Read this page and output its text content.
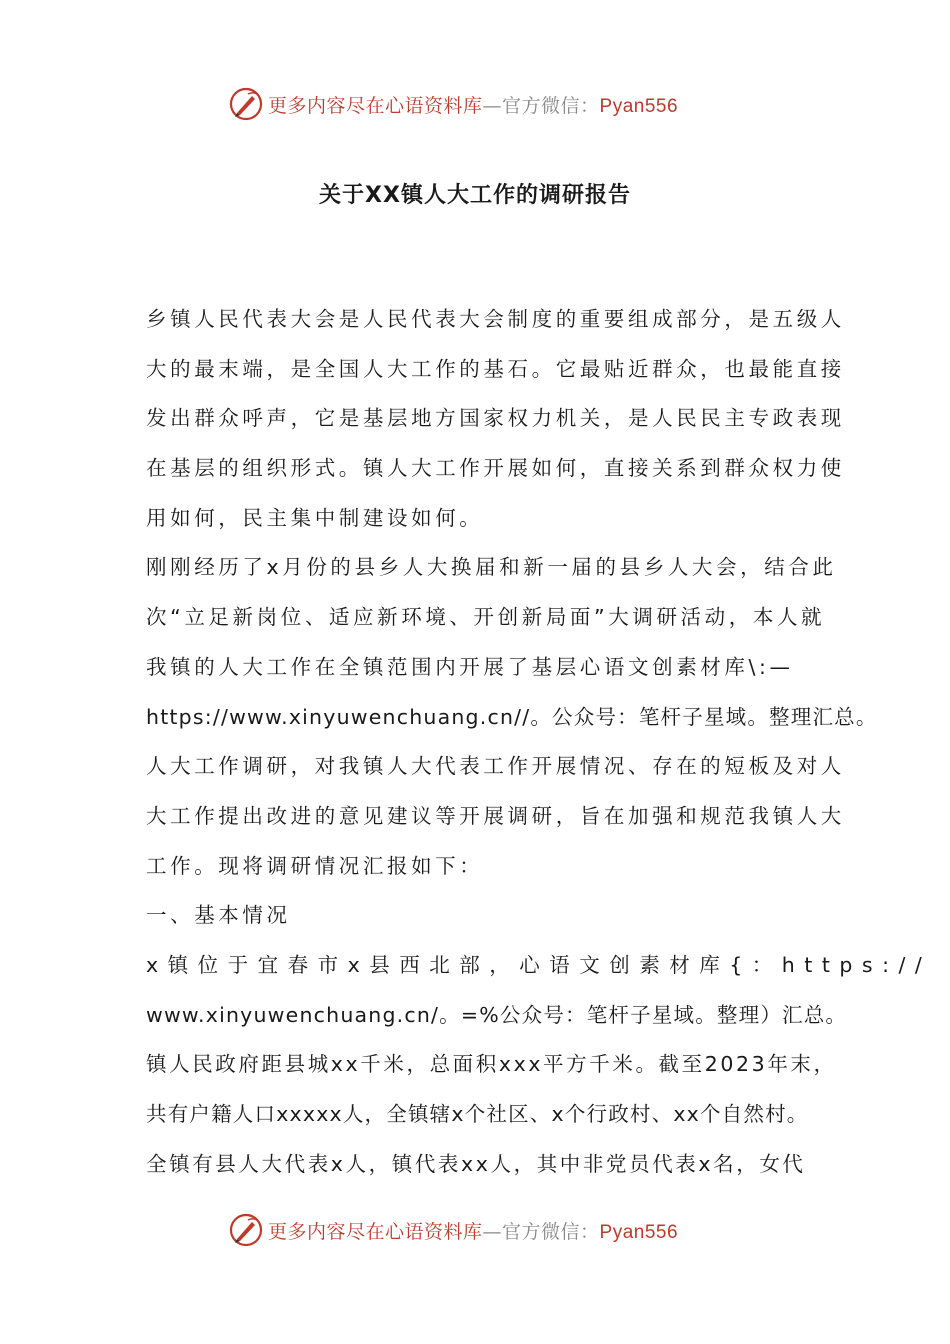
更多内容尽在心语资料库—官方微信：Pyan556
关于XX镇人大工作的调研报告
乡镇人民代表大会是人民代表大会制度的重要组成部分，是五级人
大的最末端，是全国人大工作的基石。它最贴近群众，也最能直接
发出群众呼声，它是基层地方国家权力机关，是人民民主专政表现
在基层的组织形式。镇人大工作开展如何，直接关系到群众权力使
用如何，民主集中制建设如何。
刚刚经历了x月份的县乡人大换届和新一届的县乡人大会，结合此
次“立足新岗位、适应新环境、开创新局面”大调研活动，本人就
我镇的人大工作在全镇范围内开展了基层心语文创素材库\:—
https://www.xinyuwenchuang.cn//。公众号：笔杆子星域。整理汇总。
人大工作调研，对我镇人大代表工作开展情况、存在的短板及对人
大工作提出改进的意见建议等开展调研，旨在加强和规范我镇人大
工作。现将调研情况汇报如下：
一、基本情况
x镇位于宜春市x县西北部，心语文创素材库{：https://
www.xinyuwenchuang.cn/。=%公众号：笔杆子星域。整理）汇总。
镇人民政府距县城xx千米，总面积xxx平方千米。截至2023年末，
共有户籍人口xxxxx人，全镇辖x个社区、x个行政村、xx个自然村。
全镇有县人大代表x人，镇代表xx人，其中非党员代表x名，女代
更多内容尽在心语资料库—官方微信：Pyan556
